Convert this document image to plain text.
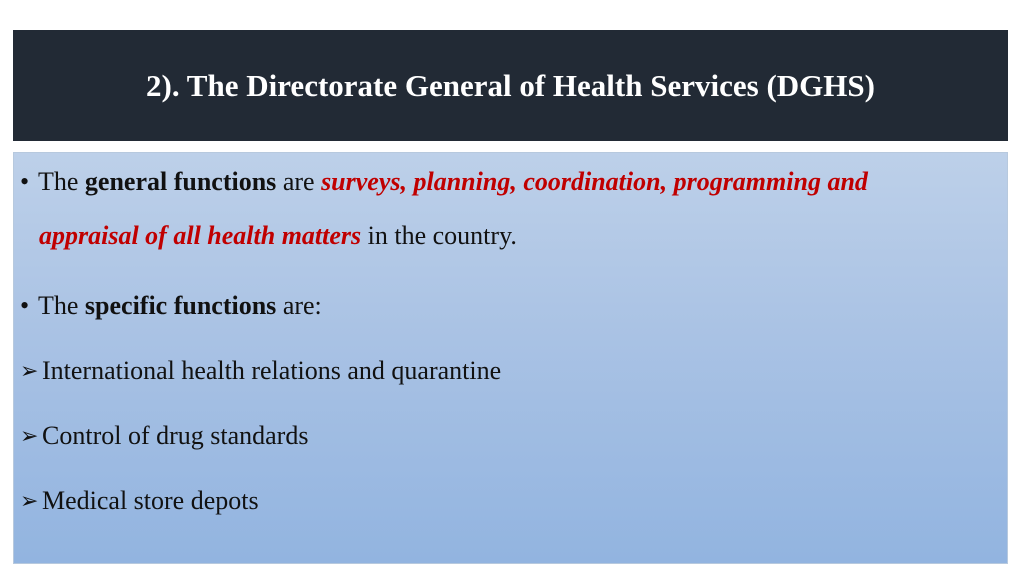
2). The Directorate General of Health Services (DGHS)
• The general functions are surveys, planning, coordination, programming and
appraisal of all health matters in the country.
• The specific functions are:
➢ International health relations and quarantine
➢ Control of drug standards
➢ Medical store depots
